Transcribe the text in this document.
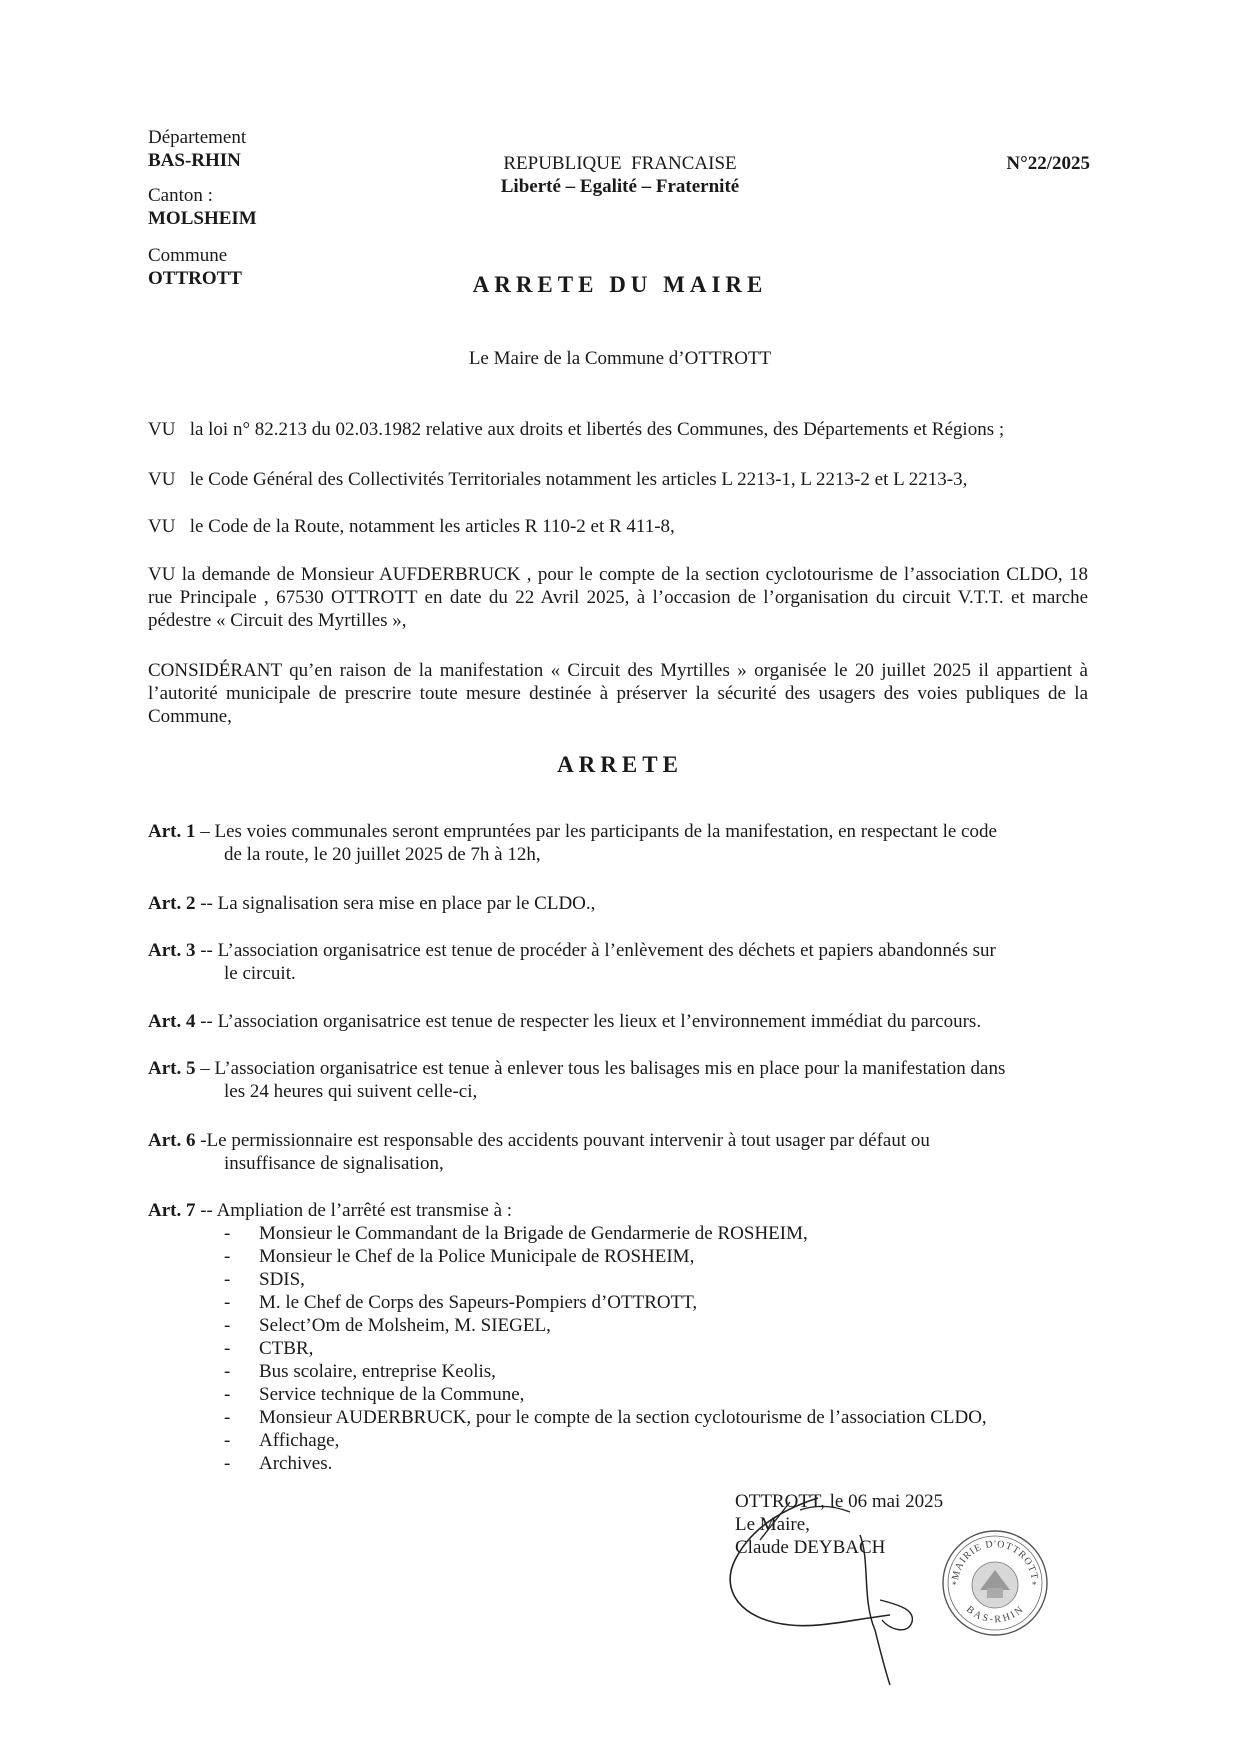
Département
BAS-RHIN
Canton :
MOLSHEIM
Commune
OTTROTT
REPUBLIQUE  FRANCAISE
Liberté – Egalité – Fraternité
N°22/2025
ARRETE DU MAIRE
Le Maire de la Commune d’OTTROTT
VU   la loi n° 82.213 du 02.03.1982 relative aux droits et libertés des Communes, des Départements et Régions ;
VU   le Code Général des Collectivités Territoriales notamment les articles L 2213-1, L 2213-2 et L 2213-3,
VU   le Code de la Route, notamment les articles R 110-2 et R 411-8,
VU la demande de Monsieur AUFDERBRUCK , pour le compte de la section cyclotourisme de l’association CLDO, 18 rue Principale , 67530 OTTROTT en date du 22 Avril 2025, à l’occasion de l’organisation du circuit V.T.T. et marche pédestre « Circuit des Myrtilles »,
CONSIDÉRANT qu’en raison de la manifestation « Circuit des Myrtilles » organisée le 20 juillet 2025 il appartient à l’autorité municipale de prescrire toute mesure destinée à préserver la sécurité des usagers des voies publiques de la Commune,
ARRETE
Art. 1 – Les voies communales seront empruntées par les participants de la manifestation, en respectant le code
de la route, le 20 juillet 2025 de 7h à 12h,
Art. 2 -- La signalisation sera mise en place par le CLDO.,
Art. 3 -- L’association organisatrice est tenue de procéder à l’enlèvement des déchets et papiers abandonnés sur
le circuit.
Art. 4 -- L’association organisatrice est tenue de respecter les lieux et l’environnement immédiat du parcours.
Art. 5 – L’association organisatrice est tenue à enlever tous les balisages mis en place pour la manifestation dans
les 24 heures qui suivent celle-ci,
Art. 6 -Le permissionnaire est responsable des accidents pouvant intervenir à tout usager par défaut ou
insuffisance de signalisation,
Art. 7 -- Ampliation de l’arrêté est transmise à :
- Monsieur le Commandant de la Brigade de Gendarmerie de ROSHEIM,
- Monsieur le Chef de la Police Municipale de ROSHEIM,
- SDIS,
- M. le Chef de Corps des Sapeurs-Pompiers d’OTTROTT,
- Select’Om de Molsheim, M. SIEGEL,
- CTBR,
- Bus scolaire, entreprise Keolis,
- Service technique de la Commune,
- Monsieur AUDERBRUCK, pour le compte de la section cyclotourisme de l’association CLDO,
- Affichage,
- Archives.
OTTROTT, le 06 mai 2025
Le Maire,
Claude DEYBACH
MAIRIE D'OTTROTT
BAS-RHIN
*	*
